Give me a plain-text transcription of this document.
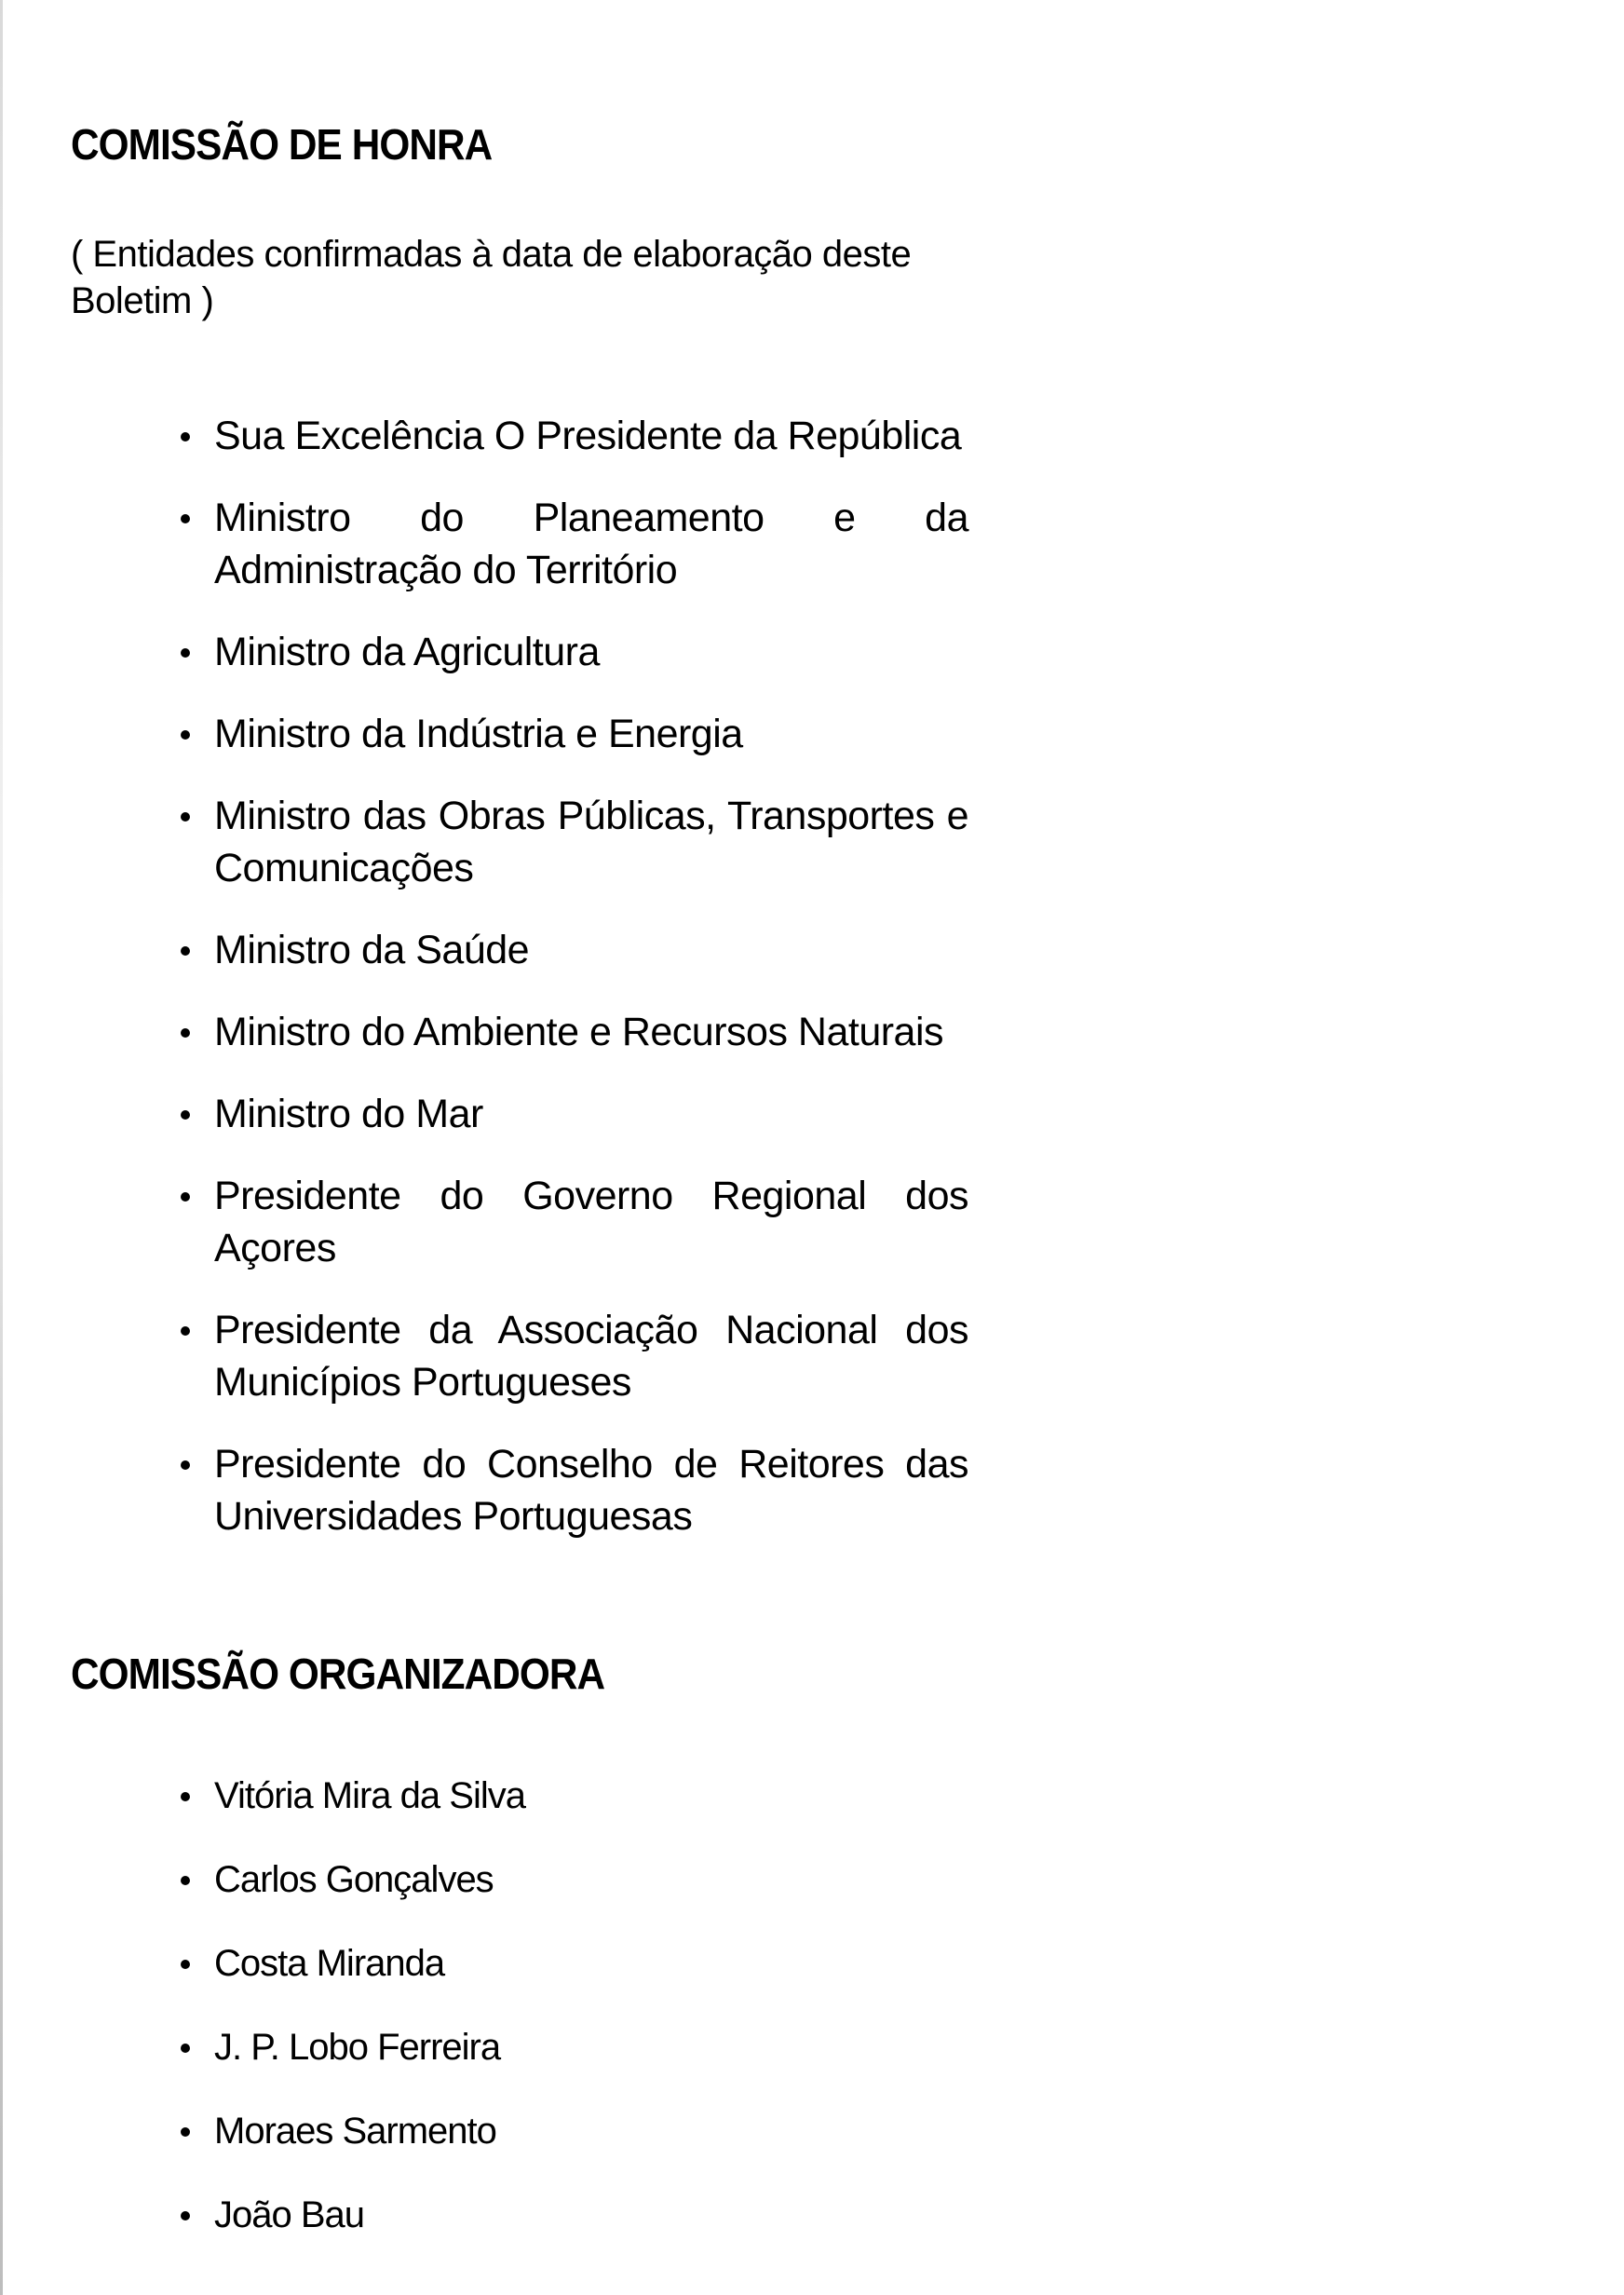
COMISSÃO DE HONRA

( Entidades confirmadas à data de elaboração deste Boletim )

Sua Excelência O Presidente da República
Ministro do Planeamento e da Administração do Território
Ministro da Agricultura
Ministro da Indústria e Energia
Ministro das Obras Públicas, Transportes e Comunicações
Ministro da Saúde
Ministro do Ambiente e Recursos Naturais
Ministro do Mar
Presidente do Governo Regional dos Açores
Presidente da Associação Nacional dos Municípios Portugueses
Presidente do Conselho de Reitores das Universidades Portuguesas
COMISSÃO ORGANIZADORA
Vitória Mira da Silva
Carlos Gonçalves
Costa Miranda
J. P. Lobo Ferreira
Moraes Sarmento
João Bau
